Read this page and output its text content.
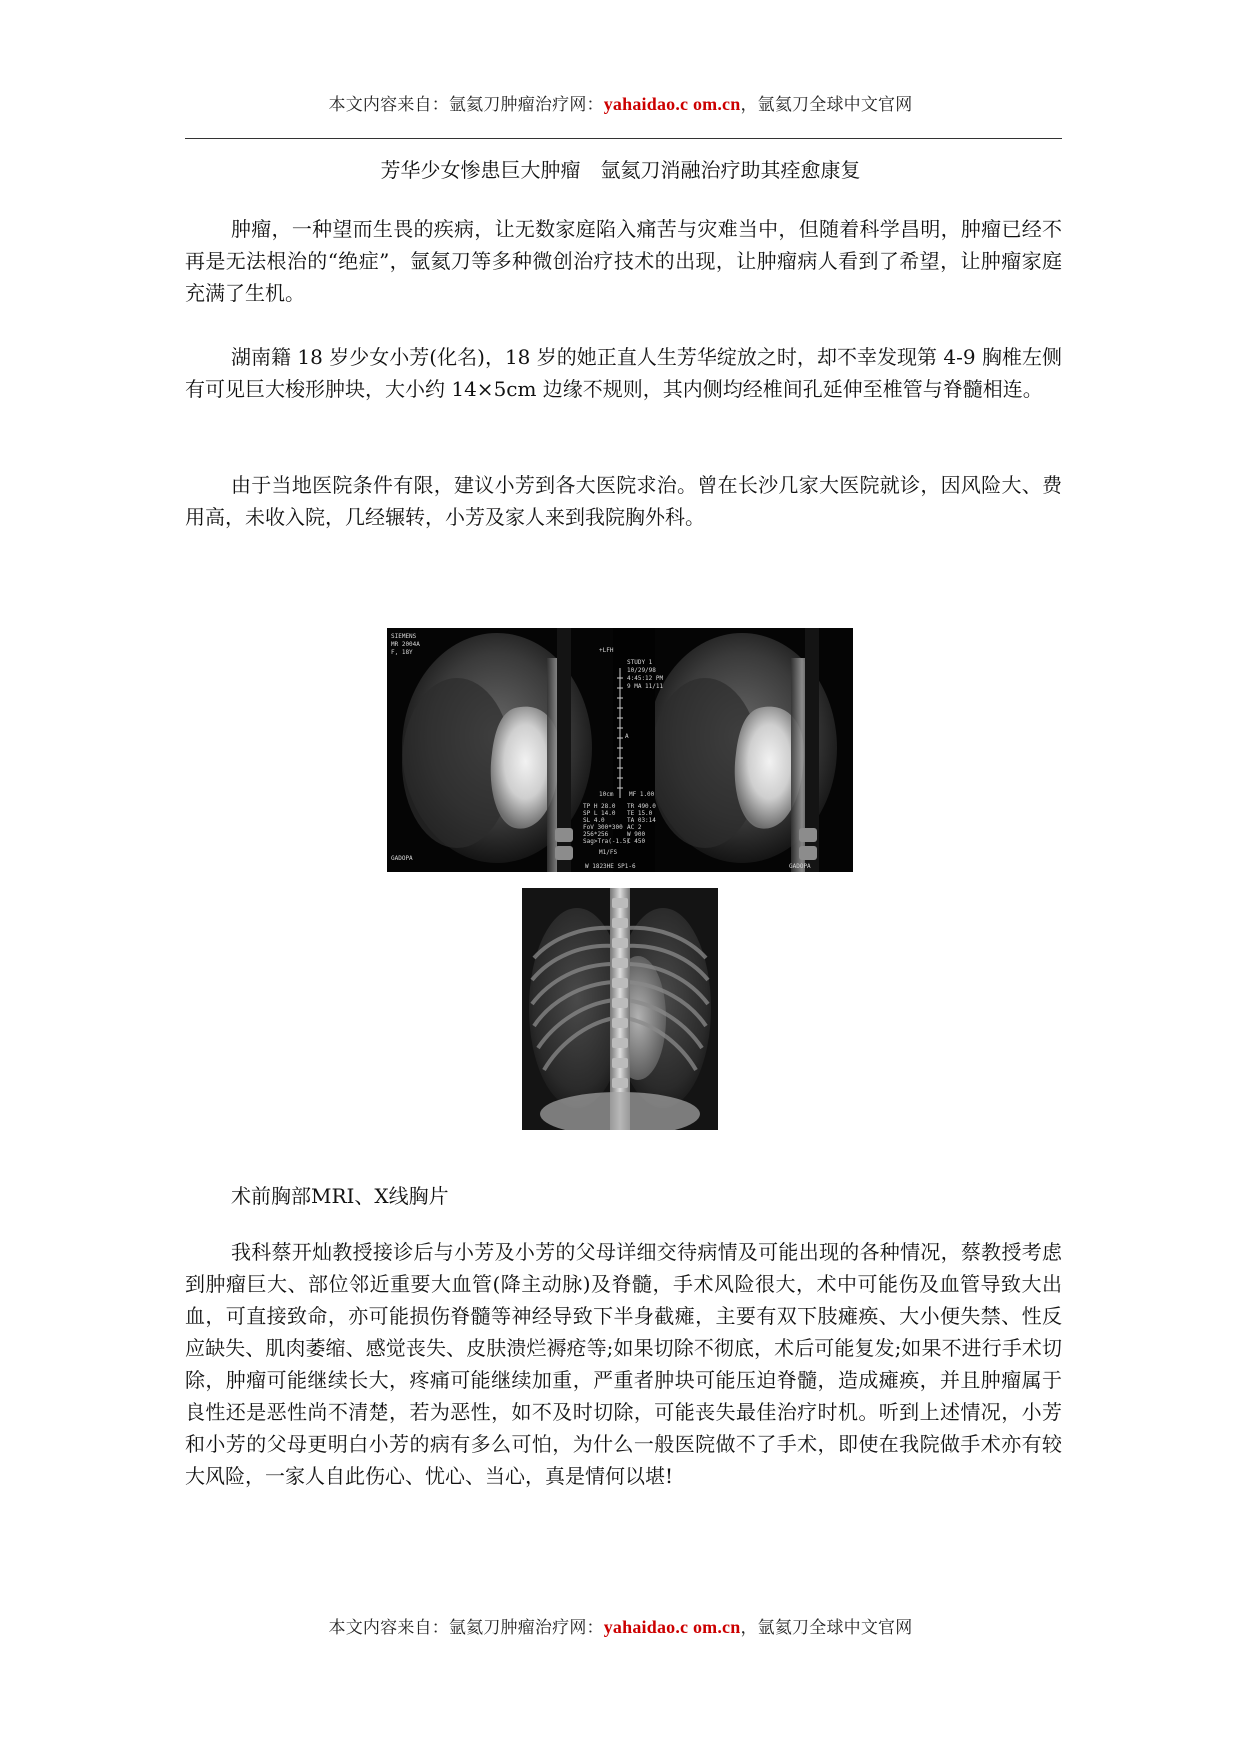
本文内容来自：氩氦刀肿瘤治疗网：yahaidao.c om.cn，氩氦刀全球中文官网
芳华少女惨患巨大肿瘤　氩氦刀消融治疗助其痊愈康复

肿瘤，一种望而生畏的疾病，让无数家庭陷入痛苦与灾难当中，但随着科学昌明，肿瘤已经不再是无法根治的“绝症”，氩氦刀等多种微创治疗技术的出现，让肿瘤病人看到了希望，让肿瘤家庭充满了生机。

湖南籍 18 岁少女小芳(化名)，18 岁的她正直人生芳华绽放之时，却不幸发现第 4-9 胸椎左侧有可见巨大梭形肿块，大小约 14×5cm 边缘不规则，其内侧均经椎间孔延伸至椎管与脊髓相连。

由于当地医院条件有限，建议小芳到各大医院求治。曾在长沙几家大医院就诊，因风险大、费用高，未收入院，几经辗转，小芳及家人来到我院胸外科。

SIEMENS
MR 2004A
F, 18Y
STUDY 1
10/29/98
4:45:12 PM
9 MA 11/11
+LFH
A
10cm	MF 1.00
TP H 28.0
SP L 14.0
SL 4.0
FoV 300*300
256*256
Sag>Tra(-1.5)
TR 490.0
TE 15.0
TA 03:14
AC 2
W 900
C 450
GADOPA
M1/FS
W 1823HE SP1-6	GADOPA
术前胸部MRI、X线胸片

我科蔡开灿教授接诊后与小芳及小芳的父母详细交待病情及可能出现的各种情况，蔡教授考虑到肿瘤巨大、部位邻近重要大血管(降主动脉)及脊髓，手术风险很大，术中可能伤及血管导致大出血，可直接致命，亦可能损伤脊髓等神经导致下半身截瘫，主要有双下肢瘫痪、大小便失禁、性反应缺失、肌肉萎缩、感觉丧失、皮肤溃烂褥疮等;如果切除不彻底，术后可能复发;如果不进行手术切除，肿瘤可能继续长大，疼痛可能继续加重，严重者肿块可能压迫脊髓，造成瘫痪，并且肿瘤属于良性还是恶性尚不清楚，若为恶性，如不及时切除，可能丧失最佳治疗时机。听到上述情况，小芳和小芳的父母更明白小芳的病有多么可怕，为什么一般医院做不了手术，即使在我院做手术亦有较大风险，一家人自此伤心、忧心、当心，真是情何以堪!

本文内容来自：氩氦刀肿瘤治疗网：yahaidao.c om.cn，氩氦刀全球中文官网
